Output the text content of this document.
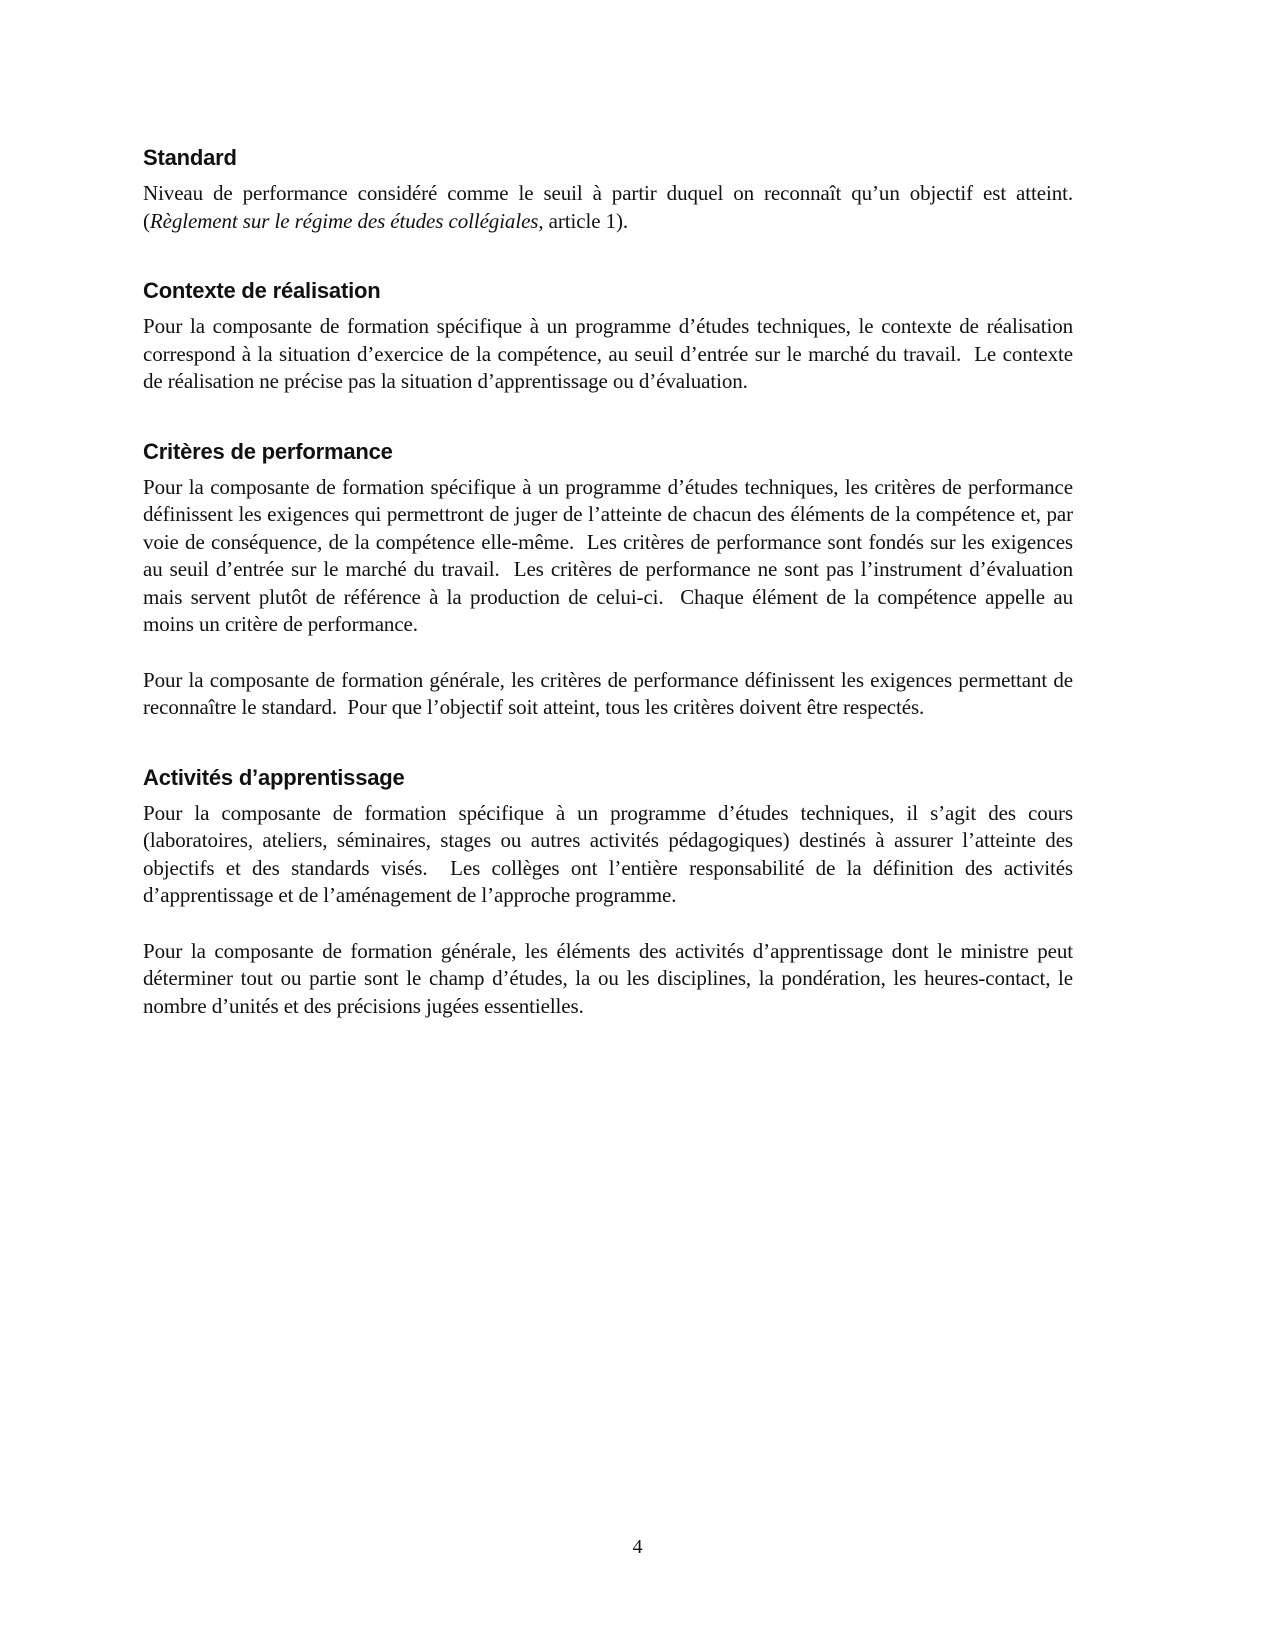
Standard

Niveau de performance considéré comme le seuil à partir duquel on reconnaît qu’un objectif est atteint. (Règlement sur le régime des études collégiales, article 1).

Contexte de réalisation

Pour la composante de formation spécifique à un programme d’études techniques, le contexte de réalisation correspond à la situation d’exercice de la compétence, au seuil d’entrée sur le marché du travail.  Le contexte de réalisation ne précise pas la situation d’apprentissage ou d’évaluation.

Critères de performance

Pour la composante de formation spécifique à un programme d’études techniques, les critères de performance définissent les exigences qui permettront de juger de l’atteinte de chacun des éléments de la compétence et, par voie de conséquence, de la compétence elle-même.  Les critères de performance sont fondés sur les exigences au seuil d’entrée sur le marché du travail.  Les critères de performance ne sont pas l’instrument d’évaluation mais servent plutôt de référence à la production de celui-ci.  Chaque élément de la compétence appelle au moins un critère de performance.

Pour la composante de formation générale, les critères de performance définissent les exigences permettant de reconnaître le standard.  Pour que l’objectif soit atteint, tous les critères doivent être respectés.

Activités d’apprentissage

Pour la composante de formation spécifique à un programme d’études techniques, il s’agit des cours (laboratoires, ateliers, séminaires, stages ou autres activités pédagogiques) destinés à assurer l’atteinte des objectifs et des standards visés.  Les collèges ont l’entière responsabilité de la définition des activités d’apprentissage et de l’aménagement de l’approche programme.

Pour la composante de formation générale, les éléments des activités d’apprentissage dont le ministre peut déterminer tout ou partie sont le champ d’études, la ou les disciplines, la pondération, les heures-contact, le nombre d’unités et des précisions jugées essentielles.

4
